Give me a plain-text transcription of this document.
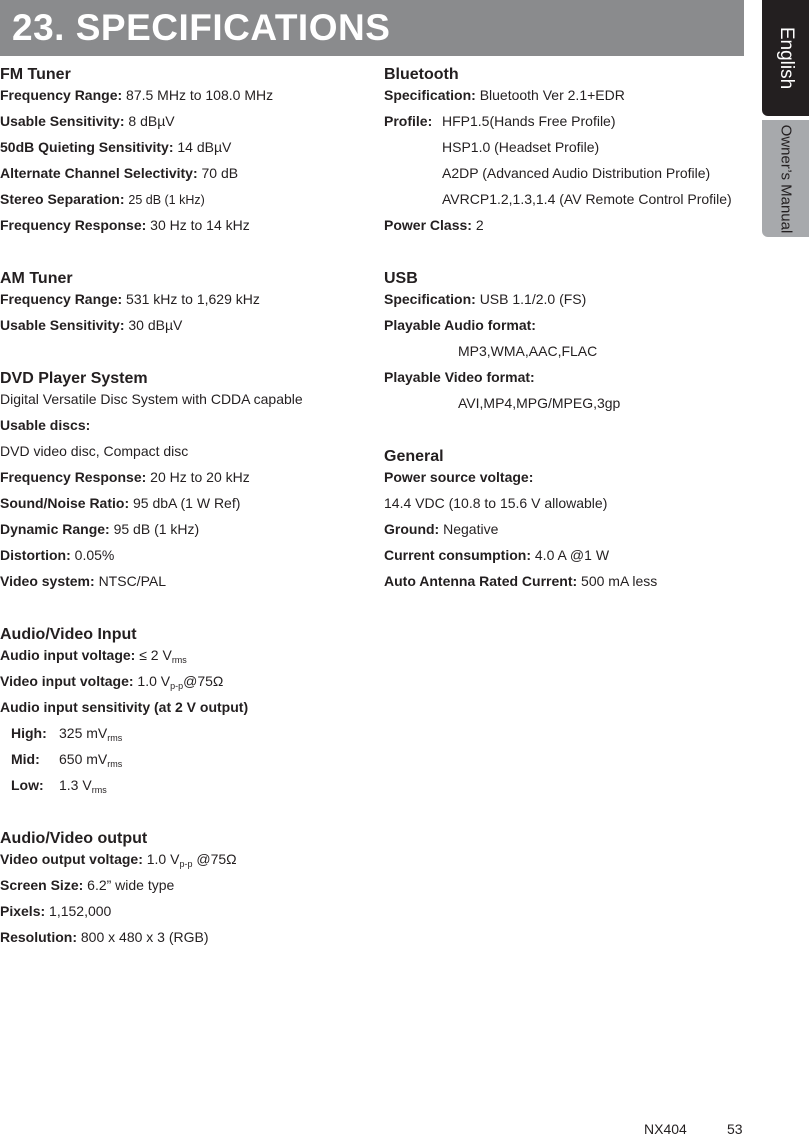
23. SPECIFICATIONS	English
Owner’s Manual
FM Tuner
Frequency Range: 87.5 MHz to 108.0 MHz
Usable Sensitivity: 8 dBµV
50dB Quieting Sensitivity: 14 dBµV
Alternate Channel Selectivity: 70 dB
Stereo Separation: 25 dB (1 kHz)
Frequency Response: 30 Hz to 14 kHz
AM Tuner
Frequency Range: 531 kHz to 1,629 kHz
Usable Sensitivity: 30 dBµV
DVD Player System
Digital Versatile Disc System with CDDA capable
Usable discs:
DVD video disc, Compact disc
Frequency Response: 20 Hz to 20 kHz
Sound/Noise Ratio: 95 dbA (1 W Ref)
Dynamic Range: 95 dB (1 kHz)
Distortion: 0.05%
Video system: NTSC/PAL
Audio/Video Input
Audio input voltage: ≤ 2 $V_{rms}$
Video input voltage: 1.0 $V_{p-p}@75\Omega$
Audio input sensitivity (at 2 V output)
High: 325 $mV_{rms}$
Mid: 650 $mV_{rms}$
Low: 1.3 $V_{rms}$
Audio/Video output
Video output voltage: 1.0 $V_{p-p}$ @75Ω
Screen Size: 6.2” wide type
Pixels: 1,152,000
Resolution: 800 x 480 x 3 (RGB)
Bluetooth
Specification: Bluetooth Ver 2.1+EDR
Profile: HFP1.5(Hands Free Profile)
HSP1.0 (Headset Profile)
A2DP (Advanced Audio Distribution Profile)
AVRCP1.2,1.3,1.4 (AV Remote Control Profile)
Power Class: 2
USB
Specification: USB 1.1/2.0 (FS)
Playable Audio format:
MP3,WMA,AAC,FLAC
Playable Video format:
AVI,MP4,MPG/MPEG,3gp
General
Power source voltage:
14.4 VDC (10.8 to 15.6 V allowable)
Ground: Negative
Current consumption: 4.0 A @1 W
Auto Antenna Rated Current: 500 mA less
NX404	53
